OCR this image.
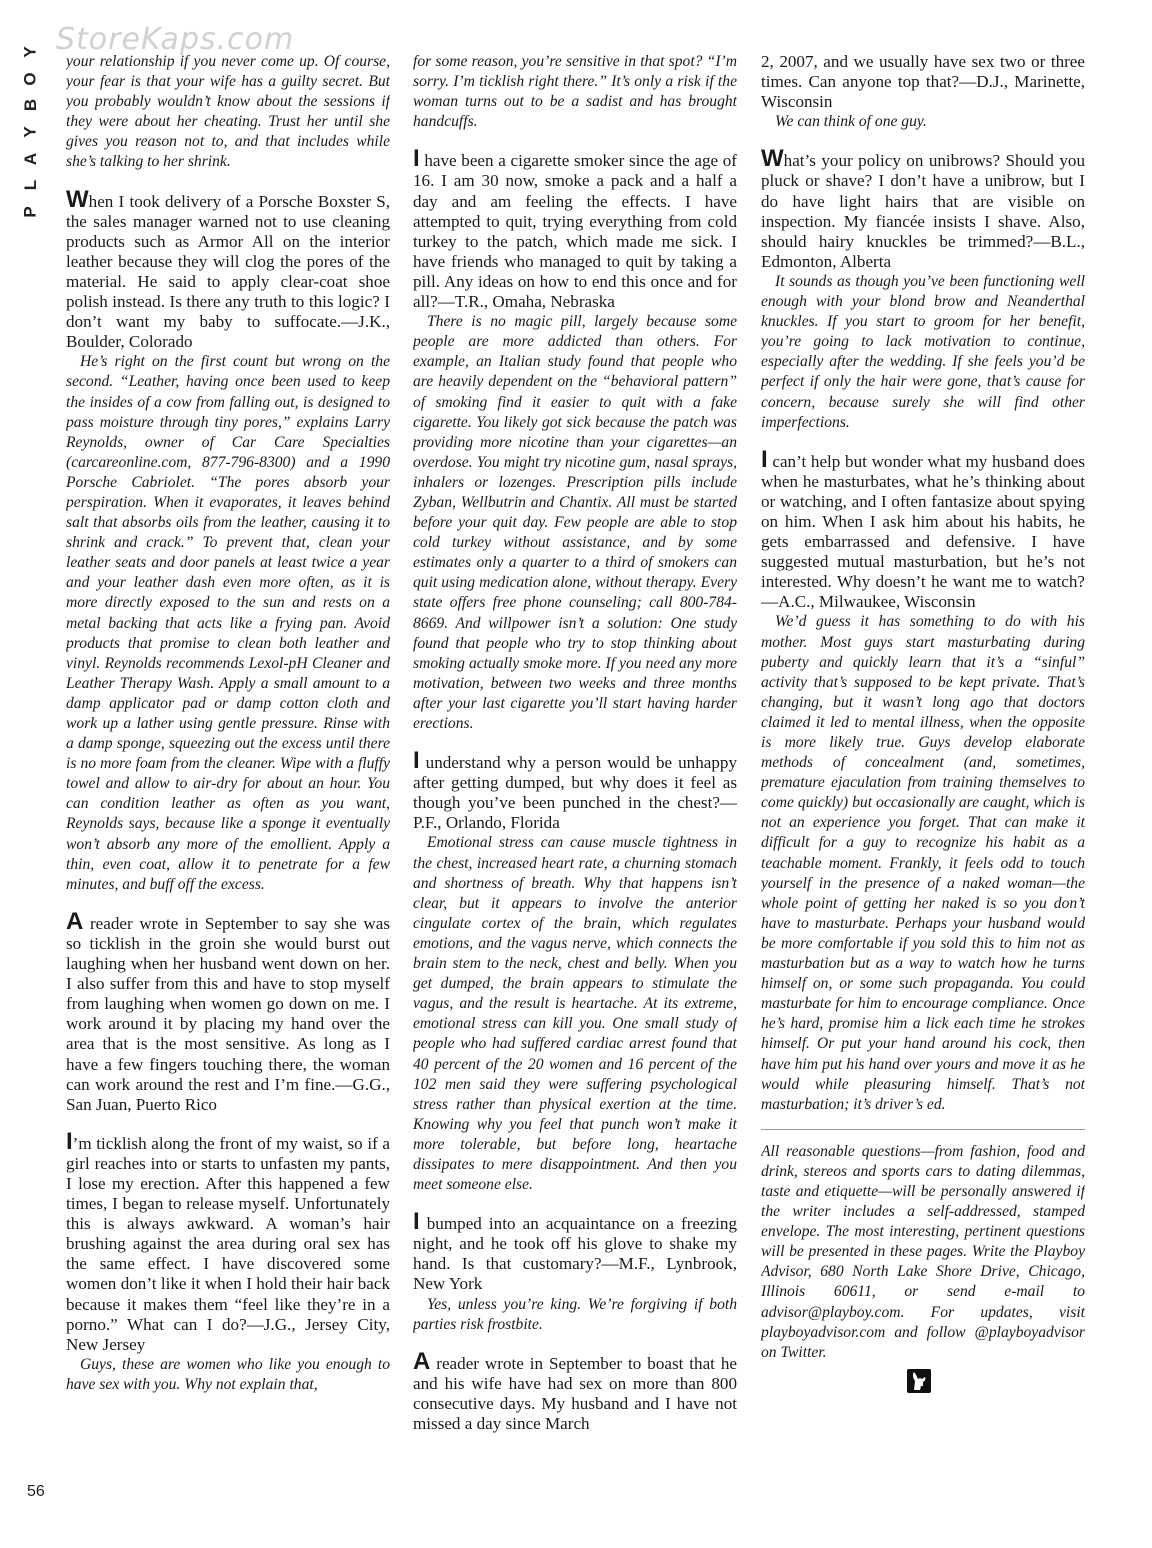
Y
O
B
Y
A
L
P
StoreKaps.com

your relationship if you never come up. Of course, your fear is that your wife has a guilty secret. But you probably wouldn’t know about the sessions if they were about her cheating. Trust her until she gives you reason not to, and that includes while she’s talking to her shrink.

When I took delivery of a Porsche Boxster S, the sales manager warned not to use cleaning products such as Armor All on the interior leather because they will clog the pores of the material. He said to apply clear-coat shoe polish instead. Is there any truth to this logic? I don’t want my baby to suffocate.—J.K., Boulder, Colorado

He’s right on the first count but wrong on the second. “Leather, having once been used to keep the insides of a cow from falling out, is designed to pass moisture through tiny pores,” explains Larry Reynolds, owner of Car Care Specialties (carcareonline.com, 877-796-8300) and a 1990 Porsche Cabriolet. “The pores absorb your perspiration. When it evaporates, it leaves behind salt that absorbs oils from the leather, causing it to shrink and crack.” To prevent that, clean your leather seats and door panels at least twice a year and your leather dash even more often, as it is more directly exposed to the sun and rests on a metal backing that acts like a frying pan. Avoid products that promise to clean both leather and vinyl. Reynolds recommends Lexol-pH Cleaner and Leather Therapy Wash. Apply a small amount to a damp applicator pad or damp cotton cloth and work up a lather using gentle pressure. Rinse with a damp sponge, squeezing out the excess until there is no more foam from the cleaner. Wipe with a fluffy towel and allow to air-dry for about an hour. You can condition leather as often as you want, Reynolds says, because like a sponge it eventually won’t absorb any more of the emollient. Apply a thin, even coat, allow it to penetrate for a few minutes, and buff off the excess.

A reader wrote in September to say she was so ticklish in the groin she would burst out laughing when her husband went down on her. I also suffer from this and have to stop myself from laughing when women go down on me. I work around it by placing my hand over the area that is the most sensitive. As long as I have a few fingers touching there, the woman can work around the rest and I’m fine.—G.G., San Juan, Puerto Rico

I’m ticklish along the front of my waist, so if a girl reaches into or starts to unfasten my pants, I lose my erection. After this happened a few times, I began to release myself. Unfortunately this is always awkward. A woman’s hair brushing against the area during oral sex has the same effect. I have discovered some women don’t like it when I hold their hair back because it makes them “feel like they’re in a porno.” What can I do?—J.G., Jersey City, New Jersey

Guys, these are women who like you enough to have sex with you. Why not explain that,

for some reason, you’re sensitive in that spot? “I’m sorry. I’m ticklish right there.” It’s only a risk if the woman turns out to be a sadist and has brought handcuffs.

I have been a cigarette smoker since the age of 16. I am 30 now, smoke a pack and a half a day and am feeling the effects. I have attempted to quit, trying everything from cold turkey to the patch, which made me sick. I have friends who managed to quit by taking a pill. Any ideas on how to end this once and for all?—T.R., Omaha, Nebraska

There is no magic pill, largely because some people are more addicted than others. For example, an Italian study found that people who are heavily dependent on the “behavioral pattern” of smoking find it easier to quit with a fake cigarette. You likely got sick because the patch was providing more nicotine than your cigarettes—an overdose. You might try nicotine gum, nasal sprays, inhalers or lozenges. Prescription pills include Zyban, Wellbutrin and Chantix. All must be started before your quit day. Few people are able to stop cold turkey without assistance, and by some estimates only a quarter to a third of smokers can quit using medication alone, without therapy. Every state offers free phone counseling; call 800-784-8669. And willpower isn’t a solution: One study found that people who try to stop thinking about smoking actually smoke more. If you need any more motivation, between two weeks and three months after your last cigarette you’ll start having harder erections.

I understand why a person would be unhappy after getting dumped, but why does it feel as though you’ve been punched in the chest?—P.F., Orlando, Florida

Emotional stress can cause muscle tightness in the chest, increased heart rate, a churning stomach and shortness of breath. Why that happens isn’t clear, but it appears to involve the anterior cingulate cortex of the brain, which regulates emotions, and the vagus nerve, which connects the brain stem to the neck, chest and belly. When you get dumped, the brain appears to stimulate the vagus, and the result is heartache. At its extreme, emotional stress can kill you. One small study of people who had suffered cardiac arrest found that 40 percent of the 20 women and 16 percent of the 102 men said they were suffering psychological stress rather than physical exertion at the time. Knowing why you feel that punch won’t make it more tolerable, but before long, heartache dissipates to mere disappointment. And then you meet someone else.

I bumped into an acquaintance on a freezing night, and he took off his glove to shake my hand. Is that customary?—M.F., Lynbrook, New York

Yes, unless you’re king. We’re forgiving if both parties risk frostbite.

A reader wrote in September to boast that he and his wife have had sex on more than 800 consecutive days. My husband and I have not missed a day since March

2, 2007, and we usually have sex two or three times. Can anyone top that?—D.J., Marinette, Wisconsin

We can think of one guy.

What’s your policy on unibrows? Should you pluck or shave? I don’t have a unibrow, but I do have light hairs that are visible on inspection. My fiancée insists I shave. Also, should hairy knuckles be trimmed?—B.L., Edmonton, Alberta

It sounds as though you’ve been functioning well enough with your blond brow and Neanderthal knuckles. If you start to groom for her benefit, you’re going to lack motivation to continue, especially after the wedding. If she feels you’d be perfect if only the hair were gone, that’s cause for concern, because surely she will find other imperfections.

I can’t help but wonder what my husband does when he masturbates, what he’s thinking about or watching, and I often fantasize about spying on him. When I ask him about his habits, he gets embarrassed and defensive. I have suggested mutual masturbation, but he’s not interested. Why doesn’t he want me to watch?—A.C., Milwaukee, Wisconsin

We’d guess it has something to do with his mother. Most guys start masturbating during puberty and quickly learn that it’s a “sinful” activity that’s supposed to be kept private. That’s changing, but it wasn’t long ago that doctors claimed it led to mental illness, when the opposite is more likely true. Guys develop elaborate methods of concealment (and, sometimes, premature ejaculation from training themselves to come quickly) but occasionally are caught, which is not an experience you forget. That can make it difficult for a guy to recognize his habit as a teachable moment. Frankly, it feels odd to touch yourself in the presence of a naked woman—the whole point of getting her naked is so you don’t have to masturbate. Perhaps your husband would be more comfortable if you sold this to him not as masturbation but as a way to watch how he turns himself on, or some such propaganda. You could masturbate for him to encourage compliance. Once he’s hard, promise him a lick each time he strokes himself. Or put your hand around his cock, then have him put his hand over yours and move it as he would while pleasuring himself. That’s not masturbation; it’s driver’s ed.

All reasonable questions—from fashion, food and drink, stereos and sports cars to dating dilemmas, taste and etiquette—will be personally answered if the writer includes a self-addressed, stamped envelope. The most interesting, pertinent questions will be presented in these pages. Write the Playboy Advisor, 680 North Lake Shore Drive, Chicago, Illinois 60611, or send e-mail to advisor@playboy.com. For updates, visit playboyadvisor.com and follow @playboyadvisor on Twitter.

56
